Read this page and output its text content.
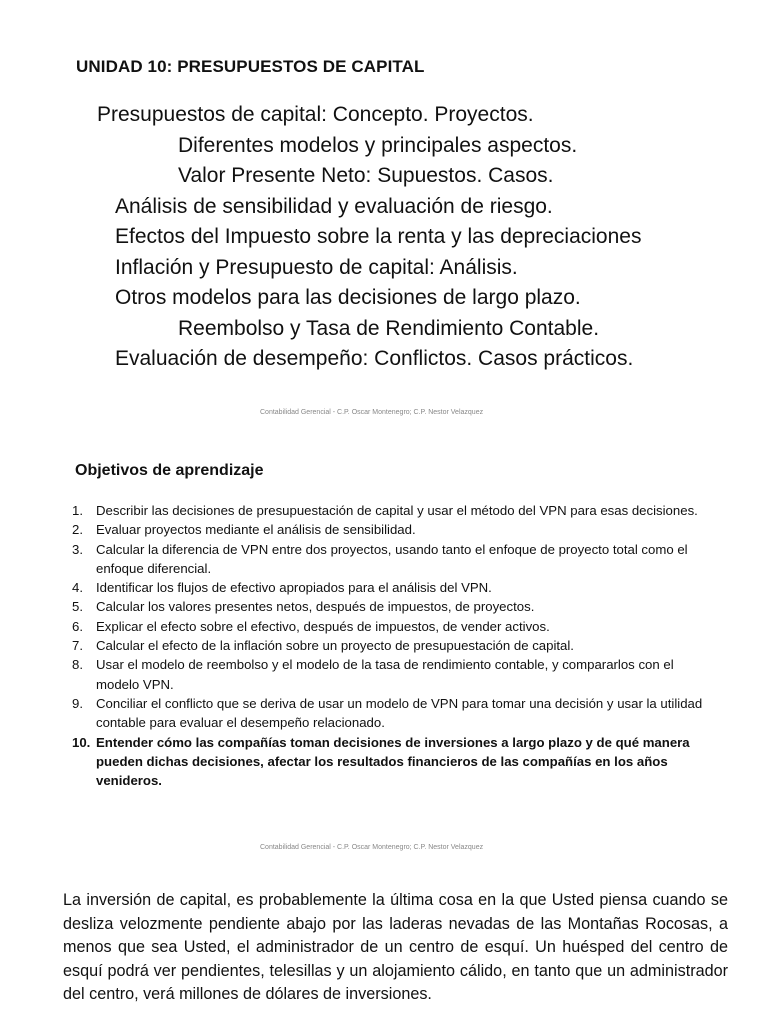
UNIDAD 10: PRESUPUESTOS DE CAPITAL
Presupuestos de capital: Concepto. Proyectos.
Diferentes modelos y principales aspectos.
Valor Presente Neto: Supuestos. Casos.
Análisis de sensibilidad y evaluación de riesgo.
Efectos del Impuesto sobre la renta y las depreciaciones
Inflación y Presupuesto de capital: Análisis.
Otros modelos para las decisiones de largo plazo.
Reembolso y Tasa de Rendimiento Contable.
Evaluación de desempeño: Conflictos. Casos prácticos.
Contabilidad Gerencial - C.P. Oscar Montenegro; C.P. Nestor Velazquez
Objetivos de aprendizaje
1. Describir las decisiones de presupuestación de capital y usar el método del VPN para esas decisiones.
2. Evaluar proyectos mediante el análisis de sensibilidad.
3. Calcular la diferencia de VPN entre dos proyectos, usando tanto el enfoque de proyecto total como el enfoque diferencial.
4. Identificar los flujos de efectivo apropiados para el análisis del VPN.
5. Calcular los valores presentes netos, después de impuestos, de proyectos.
6. Explicar el efecto sobre el efectivo, después de impuestos, de vender activos.
7. Calcular el efecto de la inflación sobre un proyecto de presupuestación de capital.
8. Usar el modelo de reembolso y el modelo de la tasa de rendimiento contable, y compararlos con el modelo VPN.
9. Conciliar el conflicto que se deriva de usar un modelo de VPN para tomar una decisión y usar la utilidad contable para evaluar el desempeño relacionado.
10. Entender cómo las compañías toman decisiones de inversiones a largo plazo y de qué manera pueden dichas decisiones, afectar los resultados financieros de las compañías en los años venideros.
Contabilidad Gerencial - C.P. Oscar Montenegro; C.P. Nestor Velazquez

La inversión de capital, es probablemente la última cosa en la que Usted piensa cuando se desliza velozmente pendiente abajo por las laderas nevadas de las Montañas Rocosas, a menos que sea Usted, el administrador de un centro de esquí. Un huésped del centro de esquí podrá ver pendientes, telesillas y un alojamiento cálido, en tanto que un administrador del centro, verá millones de dólares de inversiones.
